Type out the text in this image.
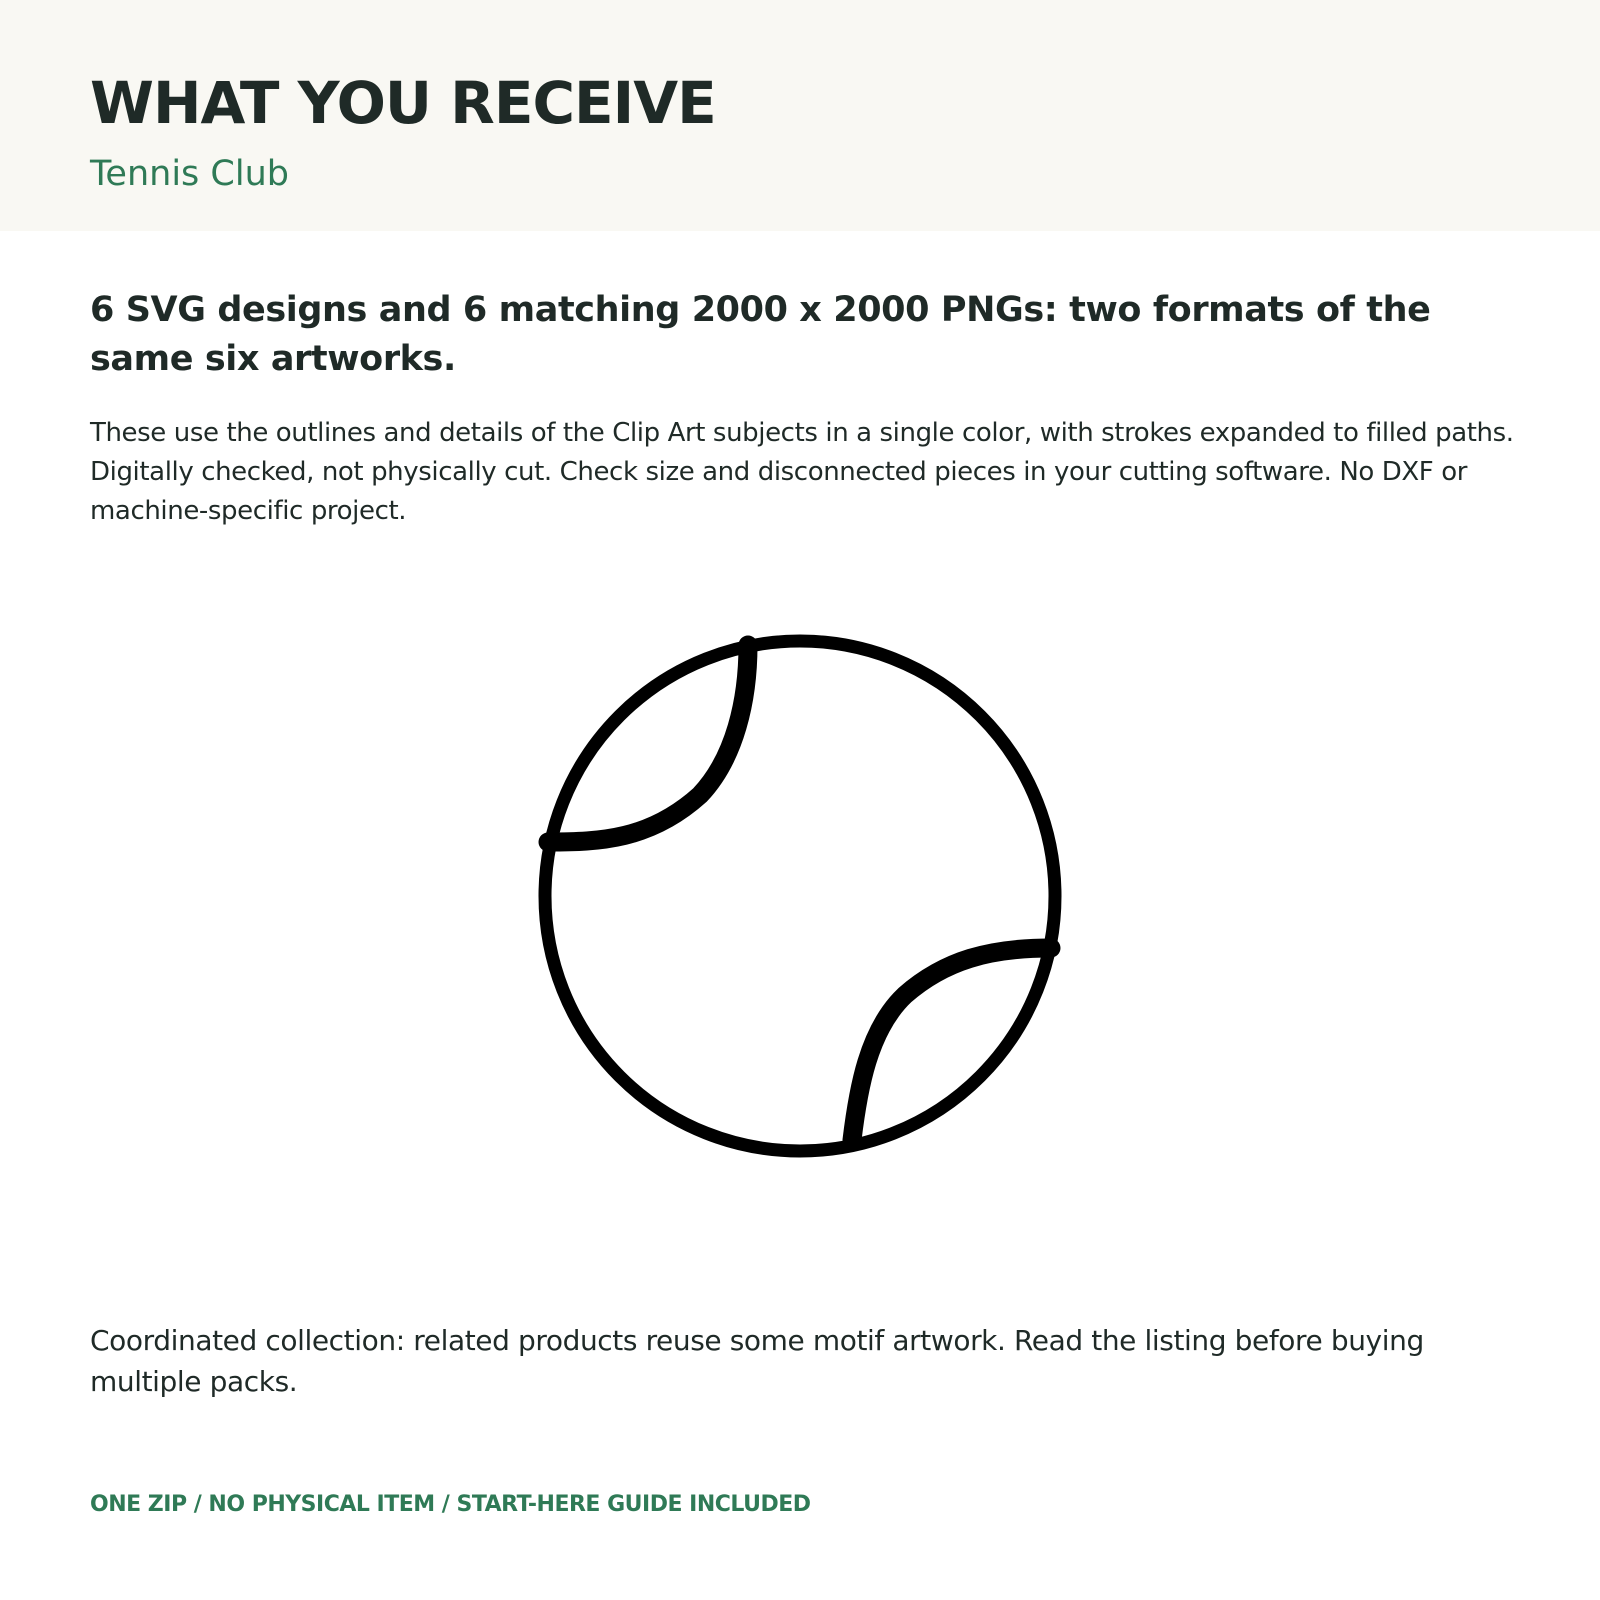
WHAT YOU RECEIVE

Tennis Club

6 SVG designs and 6 matching 2000 x 2000 PNGs: two formats of the same six artworks.

These use the outlines and details of the Clip Art subjects in a single color, with strokes expanded to filled paths. Digitally checked, not physically cut. Check size and disconnected pieces in your cutting software. No DXF or machine-specific project.

Coordinated collection: related products reuse some motif artwork. Read the listing before buying multiple packs.

ONE ZIP / NO PHYSICAL ITEM / START-HERE GUIDE INCLUDED
